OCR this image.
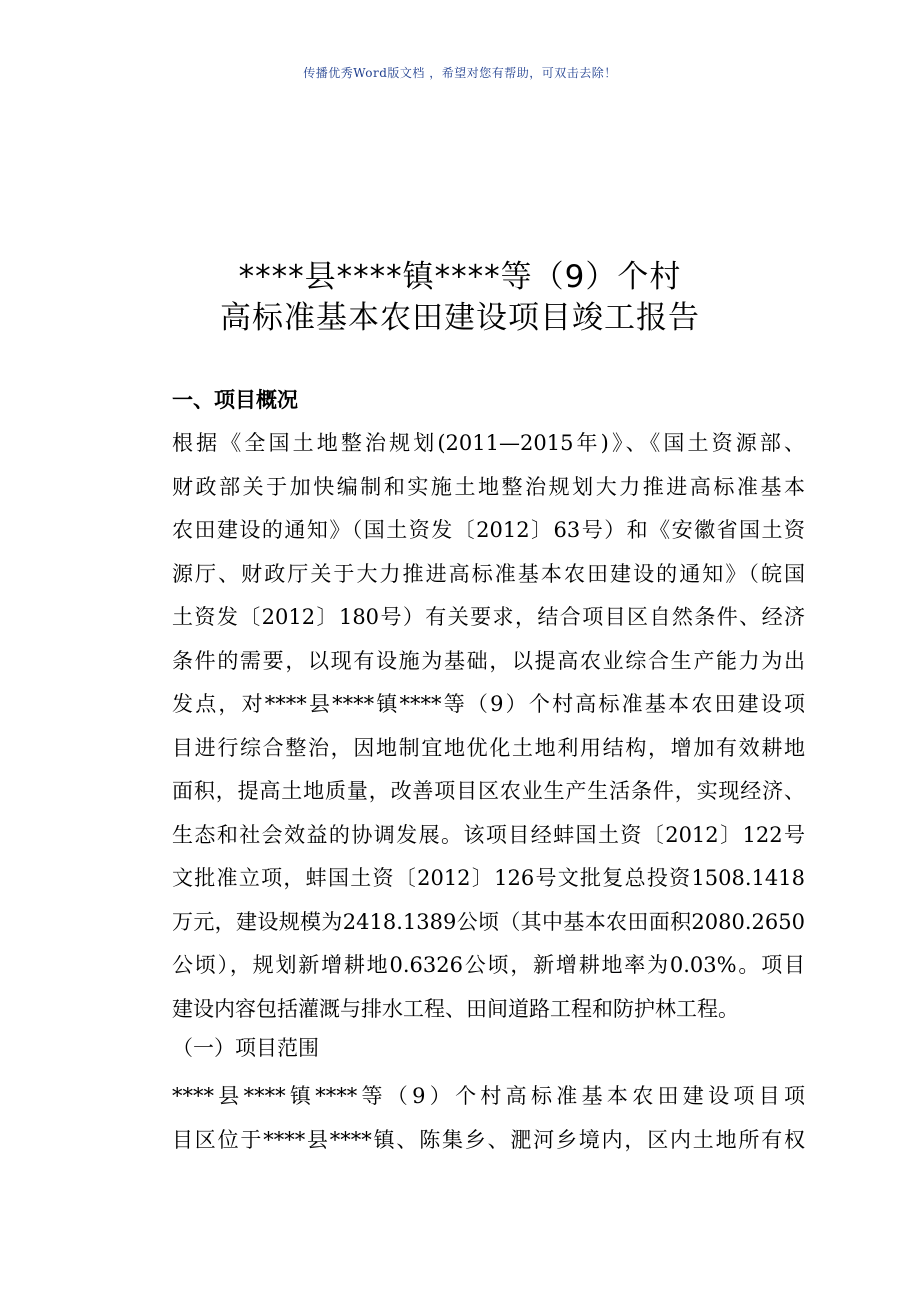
传播优秀Word版文档 ，希望对您有帮助，可双击去除！
****县****镇****等（9）个村
高标准基本农田建设项目竣工报告
一、项目概况
根据《全国土地整治规划(2011—2015年)》、《国土资源部、
财政部关于加快编制和实施土地整治规划大力推进高标准基本
农田建设的通知》（国土资发〔2012〕63号）和《安徽省国土资
源厅、财政厅关于大力推进高标准基本农田建设的通知》（皖国
土资发〔2012〕180号）有关要求，结合项目区自然条件、经济
条件的需要，以现有设施为基础，以提高农业综合生产能力为出
发点，对****县****镇****等（9）个村高标准基本农田建设项
目进行综合整治，因地制宜地优化土地利用结构，增加有效耕地
面积，提高土地质量，改善项目区农业生产生活条件，实现经济、
生态和社会效益的协调发展。该项目经蚌国土资〔2012〕122号
文批准立项，蚌国土资〔2012〕126号文批复总投资1508.1418
万元，建设规模为2418.1389公顷（其中基本农田面积2080.2650
公顷），规划新增耕地0.6326公顷，新增耕地率为0.03%。项目
建设内容包括灌溉与排水工程、田间道路工程和防护林工程。
（一）项目范围
****县****镇****等（9）个村高标准基本农田建设项目项
目区位于****县****镇、陈集乡、淝河乡境内，区内土地所有权
